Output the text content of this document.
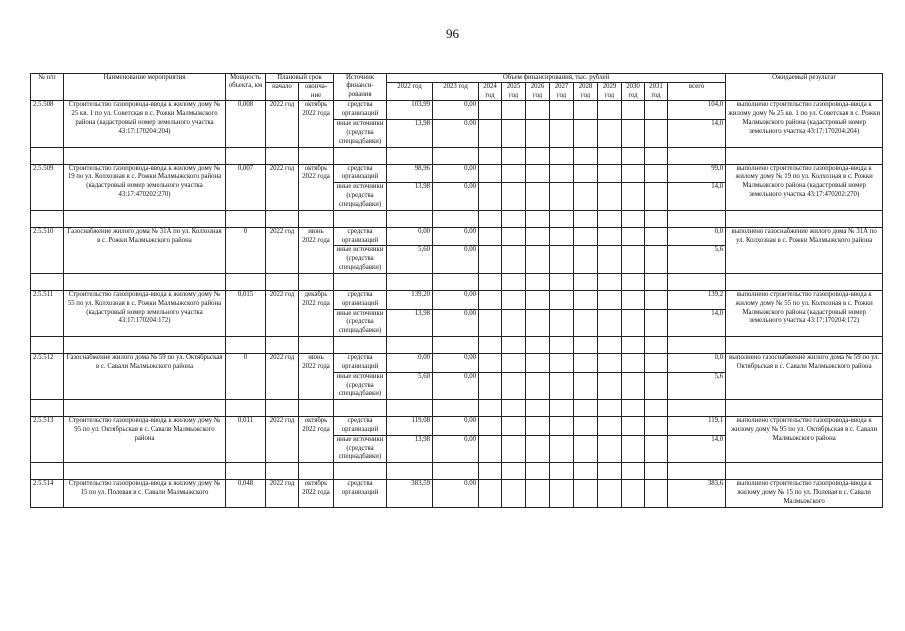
96
№ п/п	Наименование мероприятия	Мощность объекта, км	Плановый срок		Источник финанси-рования	Объем финансирования, тыс. рублей											Ожидаемый результат
			начало	оконча-ние		2022 год	2023 год	2024 год	2025 год	2026 год	2027 год	2028 год	2029 год	2030 год	2031 год	всего	
2.5.508	Строительство газопровода-ввода к жилому дому № 25 кв. 1 по ул. Советская в с. Рожки Малмыжского района (кадастровый номер земельного участка 43:17:170204:204)	0,008	2022 год	октябрь 2022 года	средства организаций	103,99	0,00									104,0	выполнено строительство газопровода-ввода к жилому дому № 25 кв. 1 по ул. Советская в с. Рожки Малмыжского района (кадастровый номер земельного участка 43:17:170204:204)
					иные источники (средства спецнадбавки)	13,98	0,00									14,0	

2.5.509	Строительство газопровода-ввода к жилому дому № 19 по ул. Колхозная в с. Рожки Малмыжского района (кадастровый номер земельного участка 43:17:470202:270)	0,007	2022 год	октябрь 2022 года	средства организаций	98,96	0,00									99,0	выполнено строительство газопровода-ввода к жилому дому № 19 по ул. Колхозная в с. Рожки Малмыжского района (кадастровый номер земельного участка 43:17:470202:270)
					иные источники (средства спецнадбавки)	13,98	0,00									14,0	

2.5.510	Газоснабжение жилого дома № 31А по ул. Колхозная в с. Рожки Малмыжского района	0	2022 год	июнь 2022 года	средства организаций	0,00	0,00									0,0	выполнено газоснабжение жилого дома № 31А по ул. Колхозная в с. Рожки Малмыжского района
					иные источники (средства спецнадбавки)	5,60	0,00									5,6	

2.5.511	Строительство газопровода-ввода к жилому дому № 55 по ул. Колхозная в с. Рожки Малмыжского района (кадастровый номер земельного участка 43:17:170204:172)	0,015	2022 год	декабрь 2022 года	средства организаций	139,20	0,00									139,2	выполнено строительство газопровода-ввода к жилому дому № 55 по ул. Колхозная в с. Рожки Малмыжского района (кадастровый номер земельного участка 43:17:170204:172)
					иные источники (средства спецнадбавки)	13,98	0,00									14,0	

2.5.512	Газоснабжение жилого дома № 59 по ул. Октябрьская в с. Савали Малмыжского района	0	2022 год	июнь 2022 года	средства организаций	0,00	0,00									0,0	выполнено газоснабжение жилого дома № 59 по ул. Октябрьская в с. Савали Малмыжского района
					иные источники (средства спецнадбавки)	5,60	0,00									5,6	

2.5.513	Строительство газопровода-ввода к жилому дому № 95 по ул. Октябрьская в с. Савали Малмыжского района	0,011	2022 год	октябрь 2022 года	средства организаций	119,08	0,00									119,1	выполнено строительство газопровода-ввода к жилому дому № 95 по ул. Октябрьская в с. Савали Малмыжского района
					иные источники (средства спецнадбавки)	13,98	0,00									14,0	

2.5.514	Строительство газопровода-ввода к жилому дому № 15 по ул. Полевая в с. Савали Малмыжского	0,048	2022 год	октябрь 2022 года	средства организаций	383,59	0,00									383,6	выполнено строительство газопровода-ввода к жилому дому № 15 по ул. Полевая в с. Савали Малмыжского
